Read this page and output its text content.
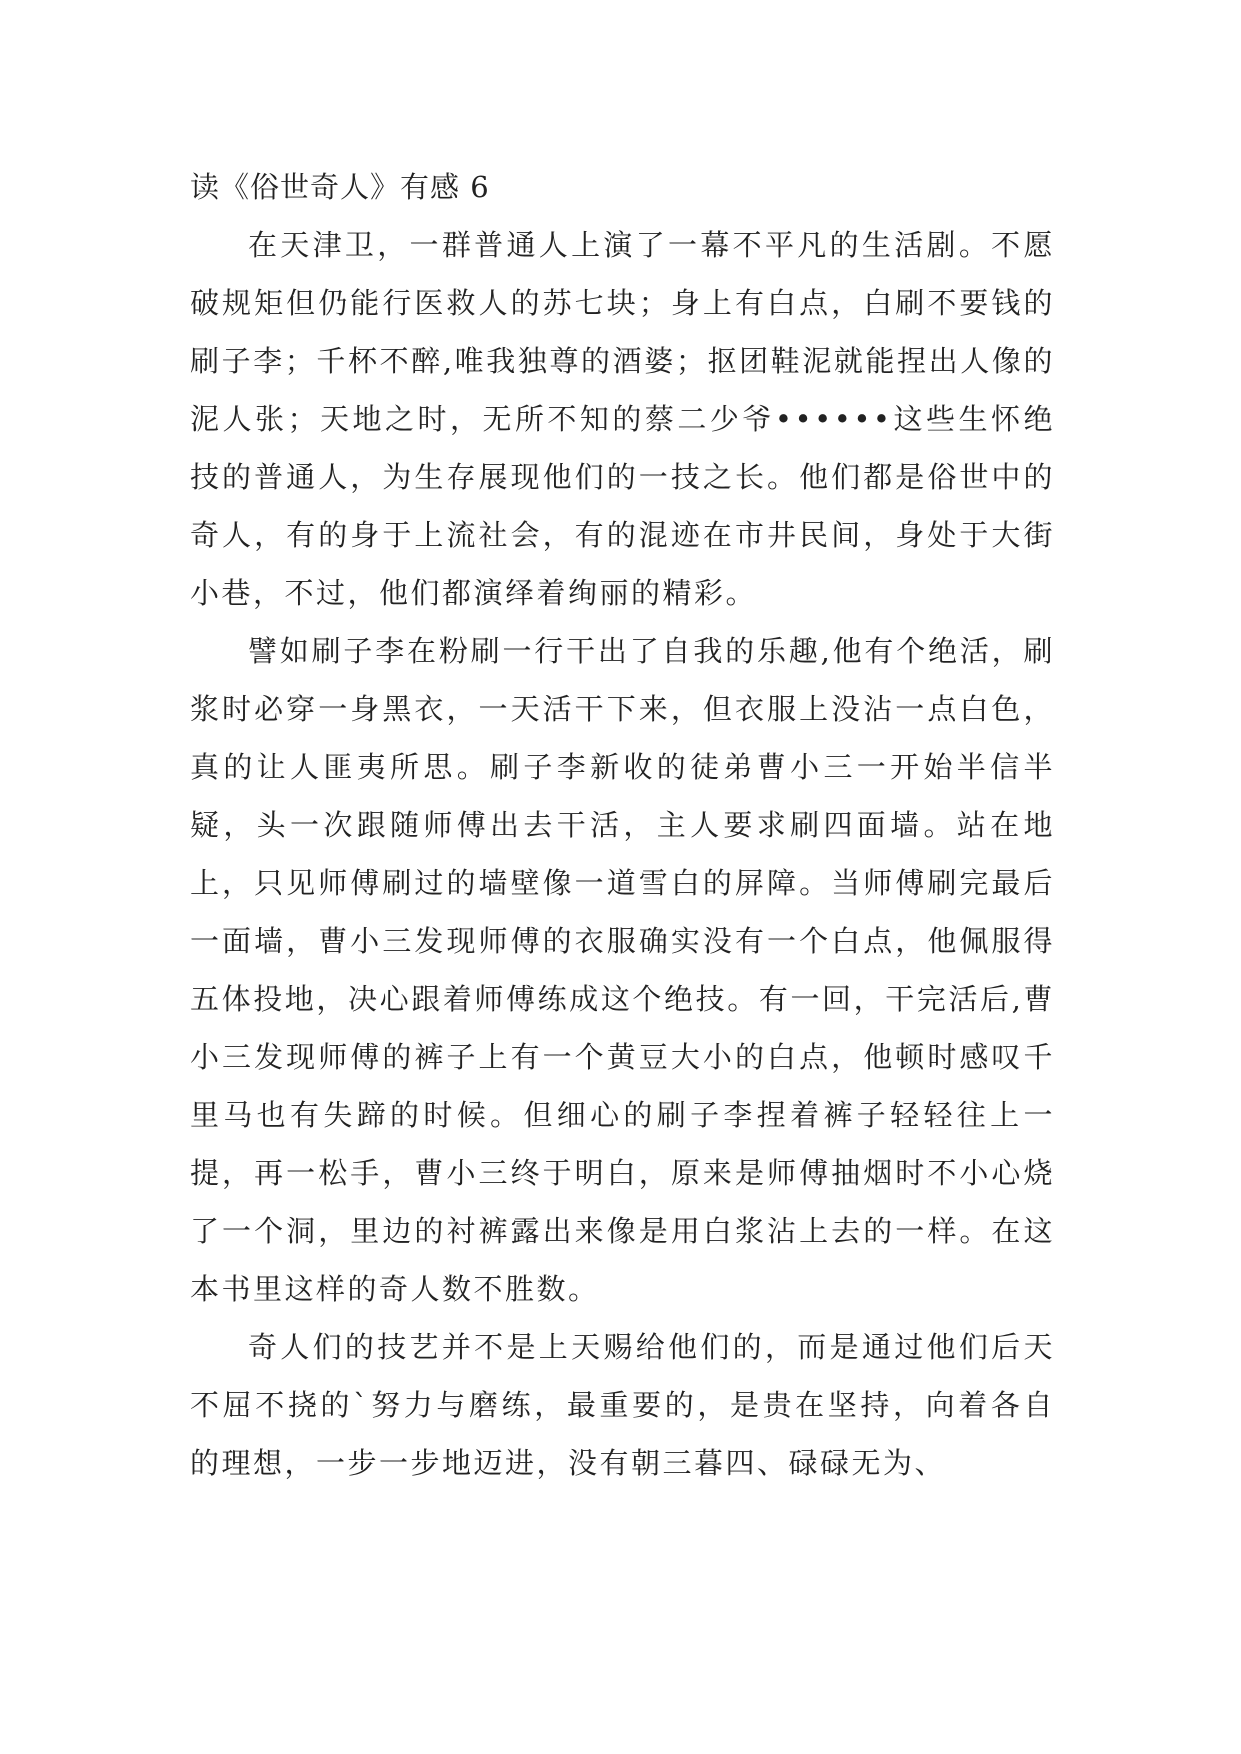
读《俗世奇人》有感 6

在天津卫，一群普通人上演了一幕不平凡的生活剧。不愿破规矩但仍能行医救人的苏七块；身上有白点，白刷不要钱的刷子李；千杯不醉,唯我独尊的酒婆；抠团鞋泥就能捏出人像的泥人张；天地之时，无所不知的蔡二少爷••••••这些生怀绝技的普通人，为生存展现他们的一技之长。他们都是俗世中的奇人，有的身于上流社会，有的混迹在市井民间，身处于大街小巷，不过，他们都演绎着绚丽的精彩。

譬如刷子李在粉刷一行干出了自我的乐趣,他有个绝活，刷浆时必穿一身黑衣，一天活干下来，但衣服上没沾一点白色，真的让人匪夷所思。刷子李新收的徒弟曹小三一开始半信半疑，头一次跟随师傅出去干活，主人要求刷四面墙。站在地上，只见师傅刷过的墙壁像一道雪白的屏障。当师傅刷完最后一面墙，曹小三发现师傅的衣服确实没有一个白点，他佩服得五体投地，决心跟着师傅练成这个绝技。有一回，干完活后,曹小三发现师傅的裤子上有一个黄豆大小的白点，他顿时感叹千里马也有失蹄的时候。但细心的刷子李捏着裤子轻轻往上一提，再一松手，曹小三终于明白，原来是师傅抽烟时不小心烧了一个洞，里边的衬裤露出来像是用白浆沾上去的一样。在这本书里这样的奇人数不胜数。

奇人们的技艺并不是上天赐给他们的，而是通过他们后天不屈不挠的`努力与磨练，最重要的，是贵在坚持，向着各自的理想，一步一步地迈进，没有朝三暮四、碌碌无为、
